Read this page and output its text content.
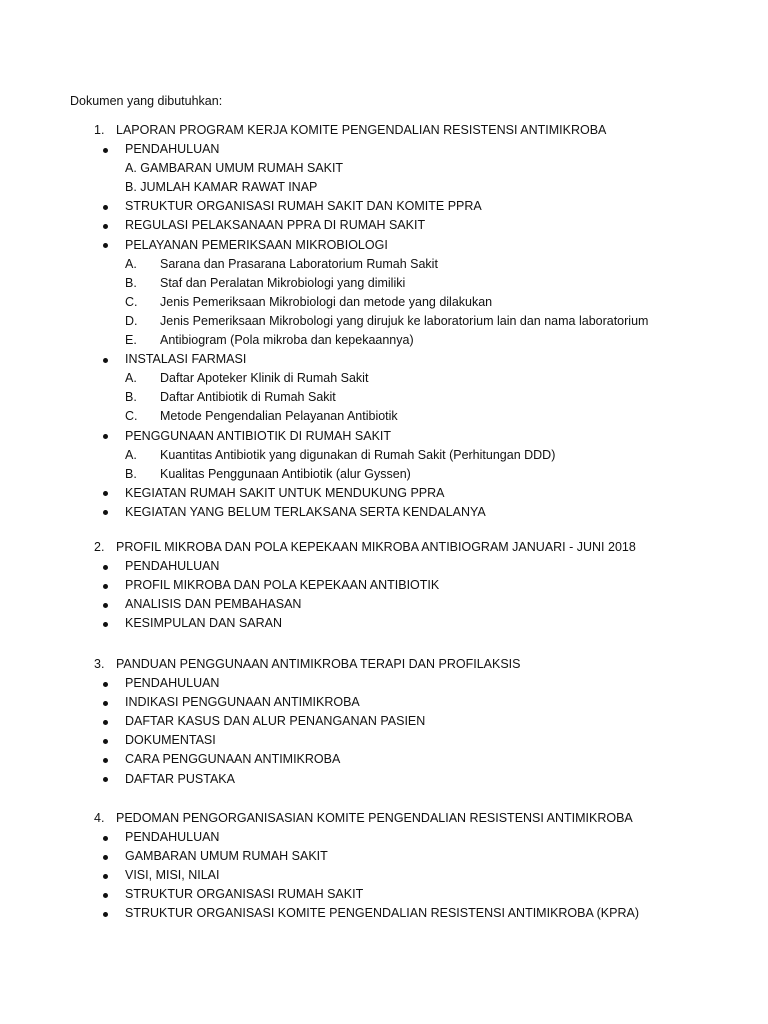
Dokumen yang dibutuhkan:
1. LAPORAN PROGRAM KERJA KOMITE PENGENDALIAN RESISTENSI ANTIMIKROBA
PENDAHULUAN
A. GAMBARAN UMUM RUMAH SAKIT
B. JUMLAH KAMAR RAWAT INAP
STRUKTUR ORGANISASI RUMAH SAKIT DAN KOMITE PPRA
REGULASI PELAKSANAAN PPRA DI RUMAH SAKIT
PELAYANAN PEMERIKSAAN MIKROBIOLOGI
A. Sarana dan Prasarana Laboratorium Rumah Sakit
B. Staf dan Peralatan Mikrobiologi yang dimiliki
C. Jenis Pemeriksaan Mikrobiologi dan metode yang dilakukan
D. Jenis Pemeriksaan Mikrobologi yang dirujuk ke laboratorium lain dan nama laboratorium
E. Antibiogram (Pola mikroba dan kepekaannya)
INSTALASI FARMASI
A. Daftar Apoteker Klinik di Rumah Sakit
B. Daftar Antibiotik di Rumah Sakit
C. Metode Pengendalian Pelayanan Antibiotik
PENGGUNAAN ANTIBIOTIK DI RUMAH SAKIT
A. Kuantitas Antibiotik yang digunakan di Rumah Sakit (Perhitungan DDD)
B. Kualitas Penggunaan Antibiotik (alur Gyssen)
KEGIATAN RUMAH SAKIT UNTUK MENDUKUNG PPRA
KEGIATAN YANG BELUM TERLAKSANA SERTA KENDALANYA
2. PROFIL MIKROBA DAN POLA KEPEKAAN MIKROBA ANTIBIOGRAM JANUARI - JUNI 2018
PENDAHULUAN
PROFIL MIKROBA DAN POLA KEPEKAAN ANTIBIOTIK
ANALISIS DAN PEMBAHASAN
KESIMPULAN DAN SARAN
3. PANDUAN PENGGUNAAN ANTIMIKROBA TERAPI DAN PROFILAKSIS
PENDAHULUAN
INDIKASI PENGGUNAAN ANTIMIKROBA
DAFTAR KASUS DAN ALUR PENANGANAN PASIEN
DOKUMENTASI
CARA PENGGUNAAN ANTIMIKROBA
DAFTAR PUSTAKA
4. PEDOMAN PENGORGANISASIAN KOMITE PENGENDALIAN RESISTENSI ANTIMIKROBA
PENDAHULUAN
GAMBARAN UMUM RUMAH SAKIT
VISI, MISI, NILAI
STRUKTUR ORGANISASI RUMAH SAKIT
STRUKTUR ORGANISASI KOMITE PENGENDALIAN RESISTENSI ANTIMIKROBA (KPRA)
